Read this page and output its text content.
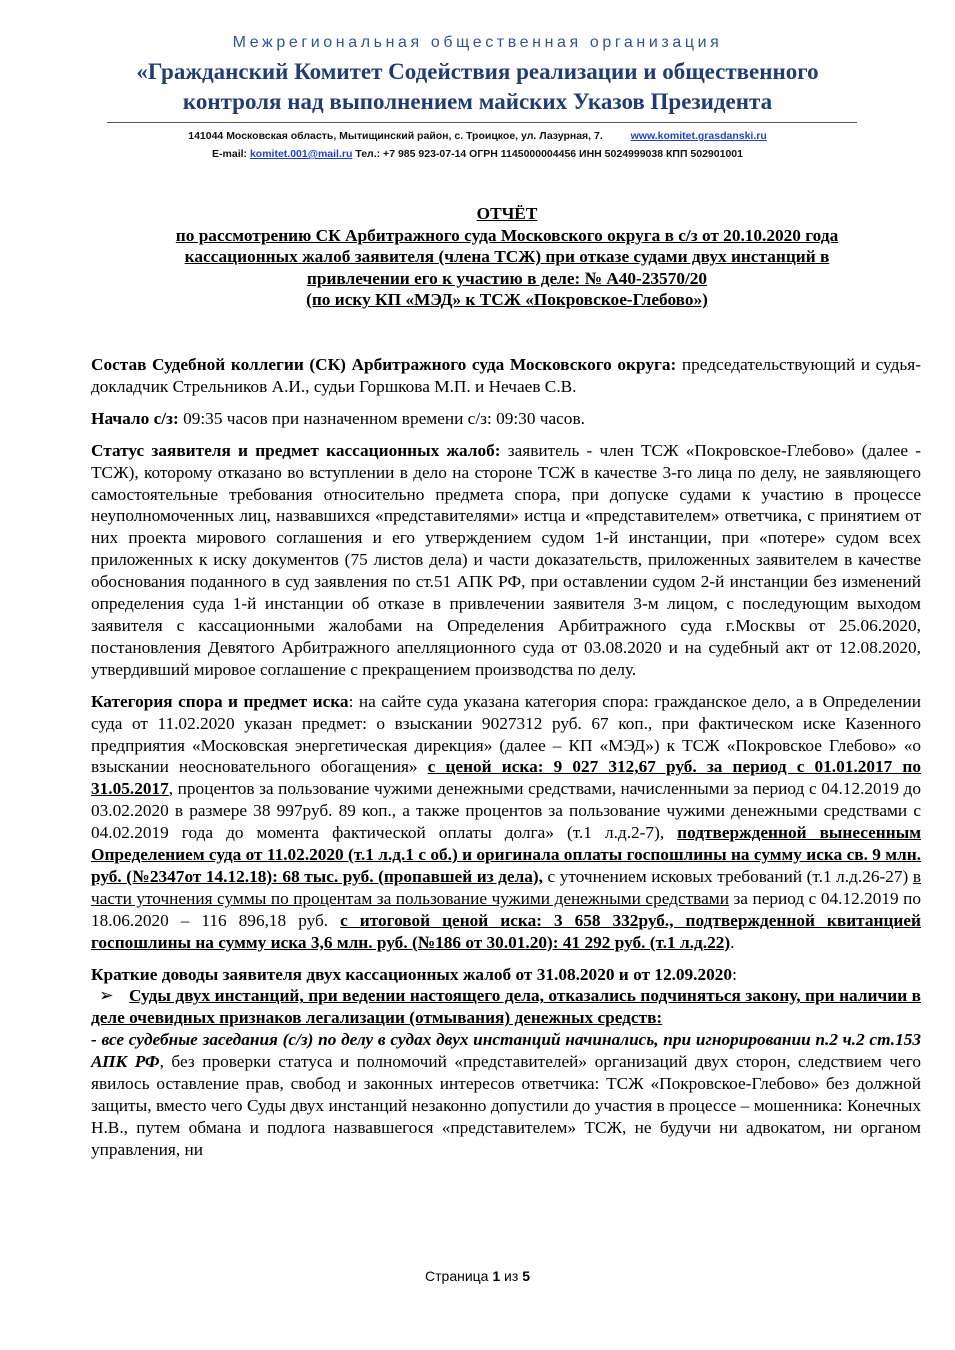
Межрегиональная общественная организация
«Гражданский Комитет Содействия реализации и общественного
контроля над выполнением майских Указов Президента
141044 Московская область, Мытищинский район, с. Троицкое, ул. Лазурная, 7.	www.komitet.grasdanski.ru
E-mail: komitet.001@mail.ru Тел.: +7 985 923-07-14 ОГРН 1145000004456 ИНН 5024999038 КПП 502901001
ОТЧЁТ
по рассмотрению СК Арбитражного суда Московского округа в с/з от 20.10.2020 года
кассационных жалоб заявителя (члена ТСЖ) при отказе судами двух инстанций в
привлечении его к участию в деле: № А40-23570/20
(по иску КП «МЭД» к ТСЖ «Покровское-Глебово»)

Состав Судебной коллегии (СК) Арбитражного суда Московского округа: председательствующий и судья-докладчик Стрельников А.И., судьи Горшкова М.П. и Нечаев С.В.

Начало с/з: 09:35 часов при назначенном времени с/з: 09:30 часов.

Статус заявителя и предмет кассационных жалоб: заявитель - член ТСЖ «Покровское-Глебово» (далее - ТСЖ), которому отказано во вступлении в дело на стороне ТСЖ в качестве 3-го лица по делу, не заявляющего самостоятельные требования относительно предмета спора, при допуске судами к участию в процессе неуполномоченных лиц, назвавшихся «представителями» истца и «представителем» ответчика, с принятием от них проекта мирового соглашения и его утверждением судом 1-й инстанции, при «потере» судом всех приложенных к иску документов (75 листов дела) и части доказательств, приложенных заявителем в качестве обоснования поданного в суд заявления по ст.51 АПК РФ, при оставлении судом 2-й инстанции без изменений определения суда 1-й инстанции об отказе в привлечении заявителя 3-м лицом, с последующим выходом заявителя с кассационными жалобами на Определения Арбитражного суда г.Москвы от 25.06.2020, постановления Девятого Арбитражного апелляционного суда от 03.08.2020 и на судебный акт от 12.08.2020, утвердивший мировое соглашение с прекращением производства по делу.

Категория спора и предмет иска: на сайте суда указана категория спора: гражданское дело, а в Определении суда от 11.02.2020 указан предмет: о взыскании 9027312 руб. 67 коп., при фактическом иске Казенного предприятия «Московская энергетическая дирекция» (далее – КП «МЭД») к ТСЖ «Покровское Глебово» «о взыскании неосновательного обогащения» с ценой иска: 9 027 312,67 руб. за период с 01.01.2017 по 31.05.2017, процентов за пользование чужими денежными средствами, начисленными за период с 04.12.2019 до 03.02.2020 в размере 38 997руб. 89 коп., а также процентов за пользование чужими денежными средствами с 04.02.2019 года до момента фактической оплаты долга» (т.1 л.д.2-7), подтвержденной вынесенным Определением суда от 11.02.2020 (т.1 л.д.1 с об.) и оригинала оплаты госпошлины на сумму иска св. 9 млн. руб. (№2347от 14.12.18): 68 тыс. руб. (пропавшей из дела), с уточнением исковых требований (т.1 л.д.26-27) в части уточнения суммы по процентам за пользование чужими денежными средствами за период с 04.12.2019 по 18.06.2020 – 116 896,18 руб. с итоговой ценой иска: 3 658 332руб., подтвержденной квитанцией госпошлины на сумму иска 3,6 млн. руб. (№186 от 30.01.20): 41 292 руб. (т.1 л.д.22).

Краткие доводы заявителя двух кассационных жалоб от 31.08.2020 и от 12.09.2020:
➢ Суды двух инстанций, при ведении настоящего дела, отказались подчиняться закону, при наличии в деле очевидных признаков легализации (отмывания) денежных средств:
- все судебные заседания (с/з) по делу в судах двух инстанций начинались, при игнорировании п.2 ч.2 ст.153 АПК РФ, без проверки статуса и полномочий «представителей» организаций двух сторон, следствием чего явилось оставление прав, свобод и законных интересов ответчика: ТСЖ «Покровское-Глебово» без должной защиты, вместо чего Суды двух инстанций незаконно допустили до участия в процессе – мошенника: Конечных Н.В., путем обмана и подлога назвавшегося «представителем» ТСЖ, не будучи ни адвокатом, ни органом управления, ни

Страница 1 из 5
